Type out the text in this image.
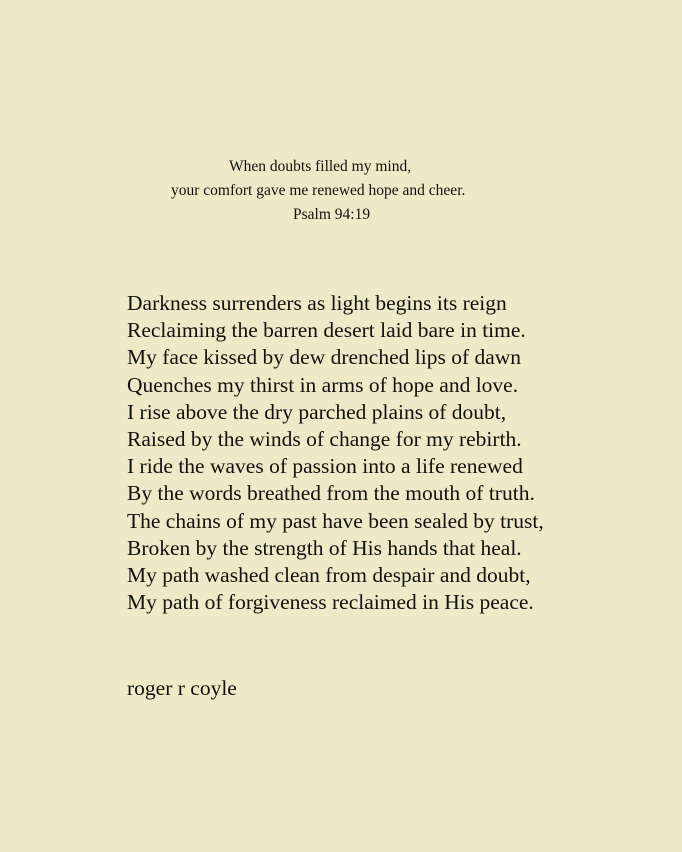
When doubts filled my mind,
your comfort gave me renewed hope and cheer.
Psalm 94:19
Darkness surrenders as light begins its reign
Reclaiming the barren desert laid bare in time.
My face kissed by dew drenched lips of dawn
Quenches my thirst in arms of hope and love.
I rise above the dry parched plains of doubt,
Raised by the winds of change for my rebirth.
I ride the waves of passion into a life renewed
By the words breathed from the mouth of truth.
The chains of my past have been sealed by trust,
Broken by the strength of His hands that heal.
My path washed clean from despair and doubt,
My path of forgiveness reclaimed in His peace.
roger r coyle
